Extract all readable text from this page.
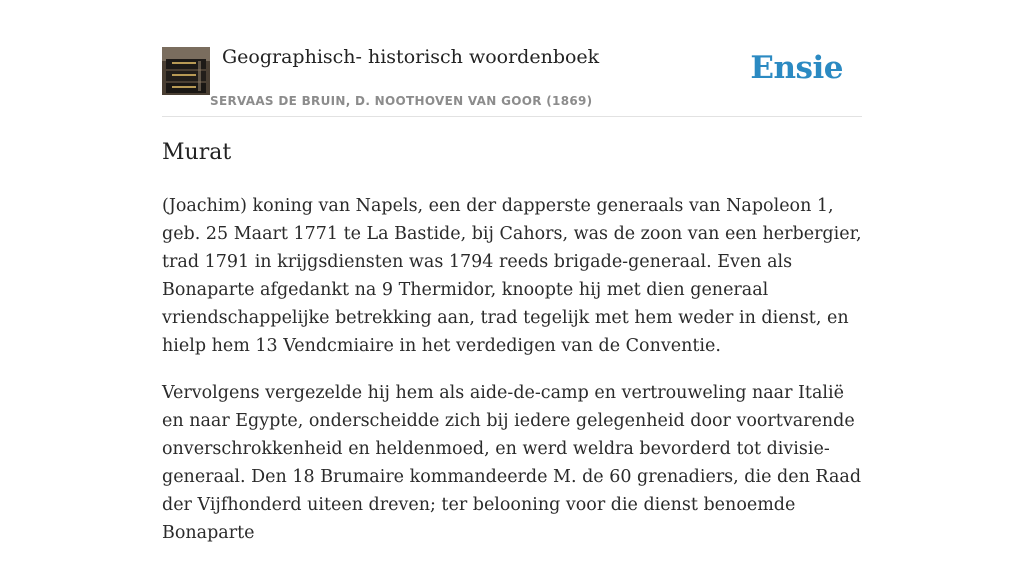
Geographisch- historisch woordenboek
SERVAAS DE BRUIN, D. NOOTHOVEN VAN GOOR (1869)
Ensie
Murat

(Joachim) koning van Napels, een der dapperste generaals van Napoleon 1, geb. 25 Maart 1771 te La Bastide, bij Cahors, was de zoon van een herbergier, trad 1791 in krijgsdiensten was 1794 reeds brigade-generaal. Even als Bonaparte afgedankt na 9 Thermidor, knoopte hij met dien generaal vriendschappelijke betrekking aan, trad tegelijk met hem weder in dienst, en hielp hem 13 Vendcmiaire in het verdedigen van de Conventie.

Vervolgens vergezelde hij hem als aide-de-camp en vertrouweling naar Italië en naar Egypte, onderscheidde zich bij iedere gelegenheid door voortvarende onverschrokkenheid en heldenmoed, en werd weldra bevorderd tot divisie-generaal. Den 18 Brumaire kommandeerde M. de 60 grenadiers, die den Raad der Vijfhonderd uiteen dreven; ter belooning voor die dienst benoemde Bonaparte
